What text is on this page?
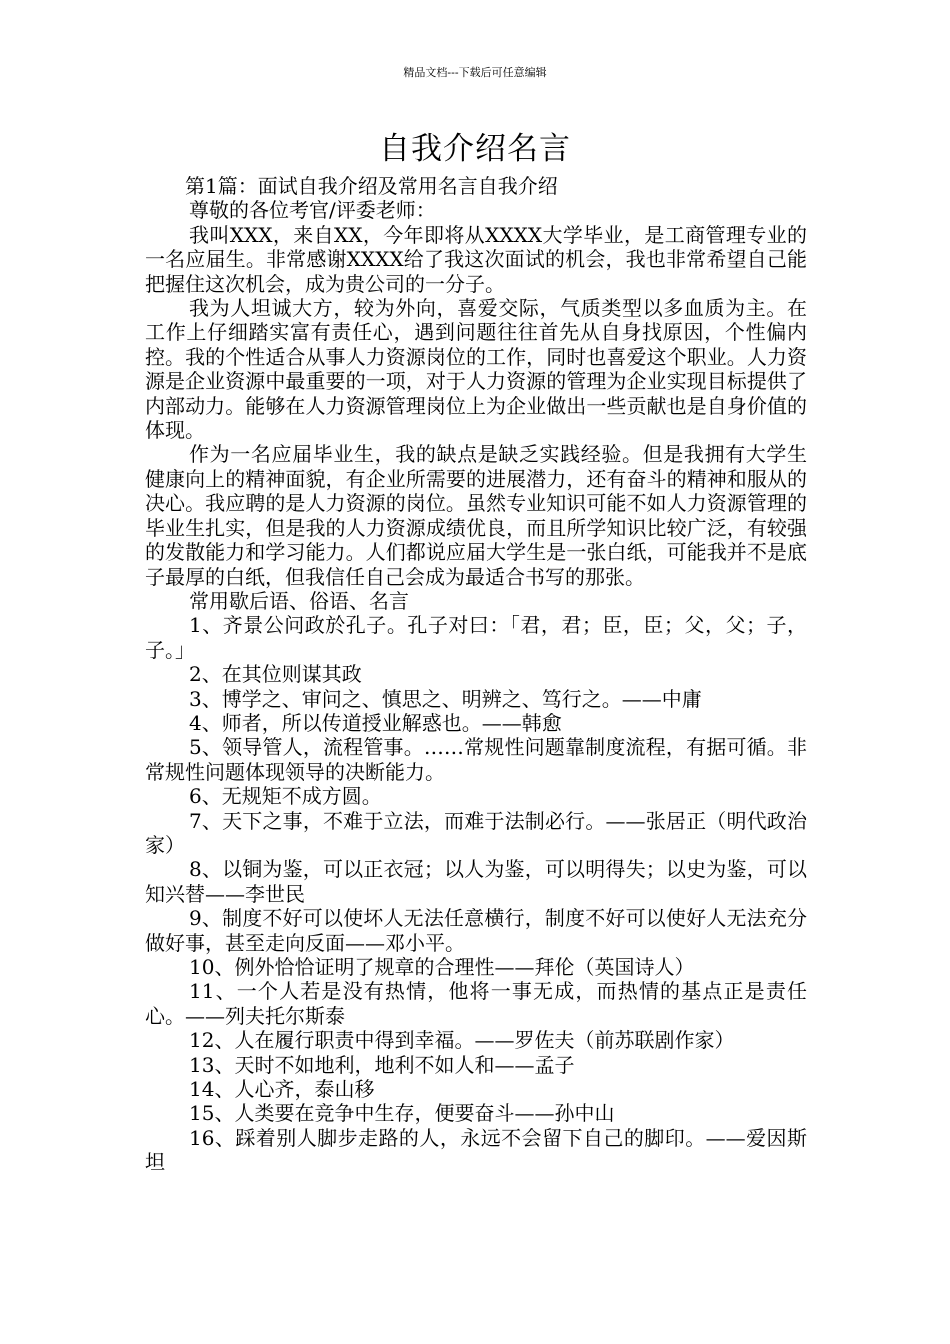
精品文档---下载后可任意编辑
自我介绍名言

第1篇：面试自我介绍及常用名言自我介绍

尊敬的各位考官/评委老师：

我叫XXX，来自XX，今年即将从XXXX大学毕业，是工商管理专业的一名应届生。非常感谢XXXX给了我这次面试的机会，我也非常希望自己能把握住这次机会，成为贵公司的一分子。

我为人坦诚大方，较为外向，喜爱交际，气质类型以多血质为主。在工作上仔细踏实富有责任心，遇到问题往往首先从自身找原因，个性偏内控。我的个性适合从事人力资源岗位的工作，同时也喜爱这个职业。人力资源是企业资源中最重要的一项，对于人力资源的管理为企业实现目标提供了内部动力。能够在人力资源管理岗位上为企业做出一些贡献也是自身价值的体现。

作为一名应届毕业生，我的缺点是缺乏实践经验。但是我拥有大学生健康向上的精神面貌，有企业所需要的进展潜力，还有奋斗的精神和服从的决心。我应聘的是人力资源的岗位。虽然专业知识可能不如人力资源管理的毕业生扎实，但是我的人力资源成绩优良，而且所学知识比较广泛，有较强的发散能力和学习能力。人们都说应届大学生是一张白纸，可能我并不是底子最厚的白纸，但我信任自己会成为最适合书写的那张。

常用歇后语、俗语、名言

1、齐景公问政於孔子。孔子对曰：「君，君；臣，臣；父，父；子，子。」

2、在其位则谋其政

3、博学之、审问之、慎思之、明辨之、笃行之。——中庸

4、师者，所以传道授业解惑也。——韩愈

5、领导管人，流程管事。……常规性问题靠制度流程，有据可循。非常规性问题体现领导的决断能力。

6、无规矩不成方圆。

7、天下之事，不难于立法，而难于法制必行。——张居正（明代政治家）

8、以铜为鉴，可以正衣冠；以人为鉴，可以明得失；以史为鉴，可以知兴替——李世民

9、制度不好可以使坏人无法任意横行，制度不好可以使好人无法充分做好事，甚至走向反面——邓小平。

10、例外恰恰证明了规章的合理性——拜伦（英国诗人）

11、一个人若是没有热情，他将一事无成，而热情的基点正是责任心。——列夫托尔斯泰

12、人在履行职责中得到幸福。——罗佐夫（前苏联剧作家）

13、天时不如地利，地利不如人和——孟子

14、人心齐，泰山移

15、人类要在竞争中生存，便要奋斗——孙中山

16、踩着别人脚步走路的人，永远不会留下自己的脚印。——爱因斯坦
